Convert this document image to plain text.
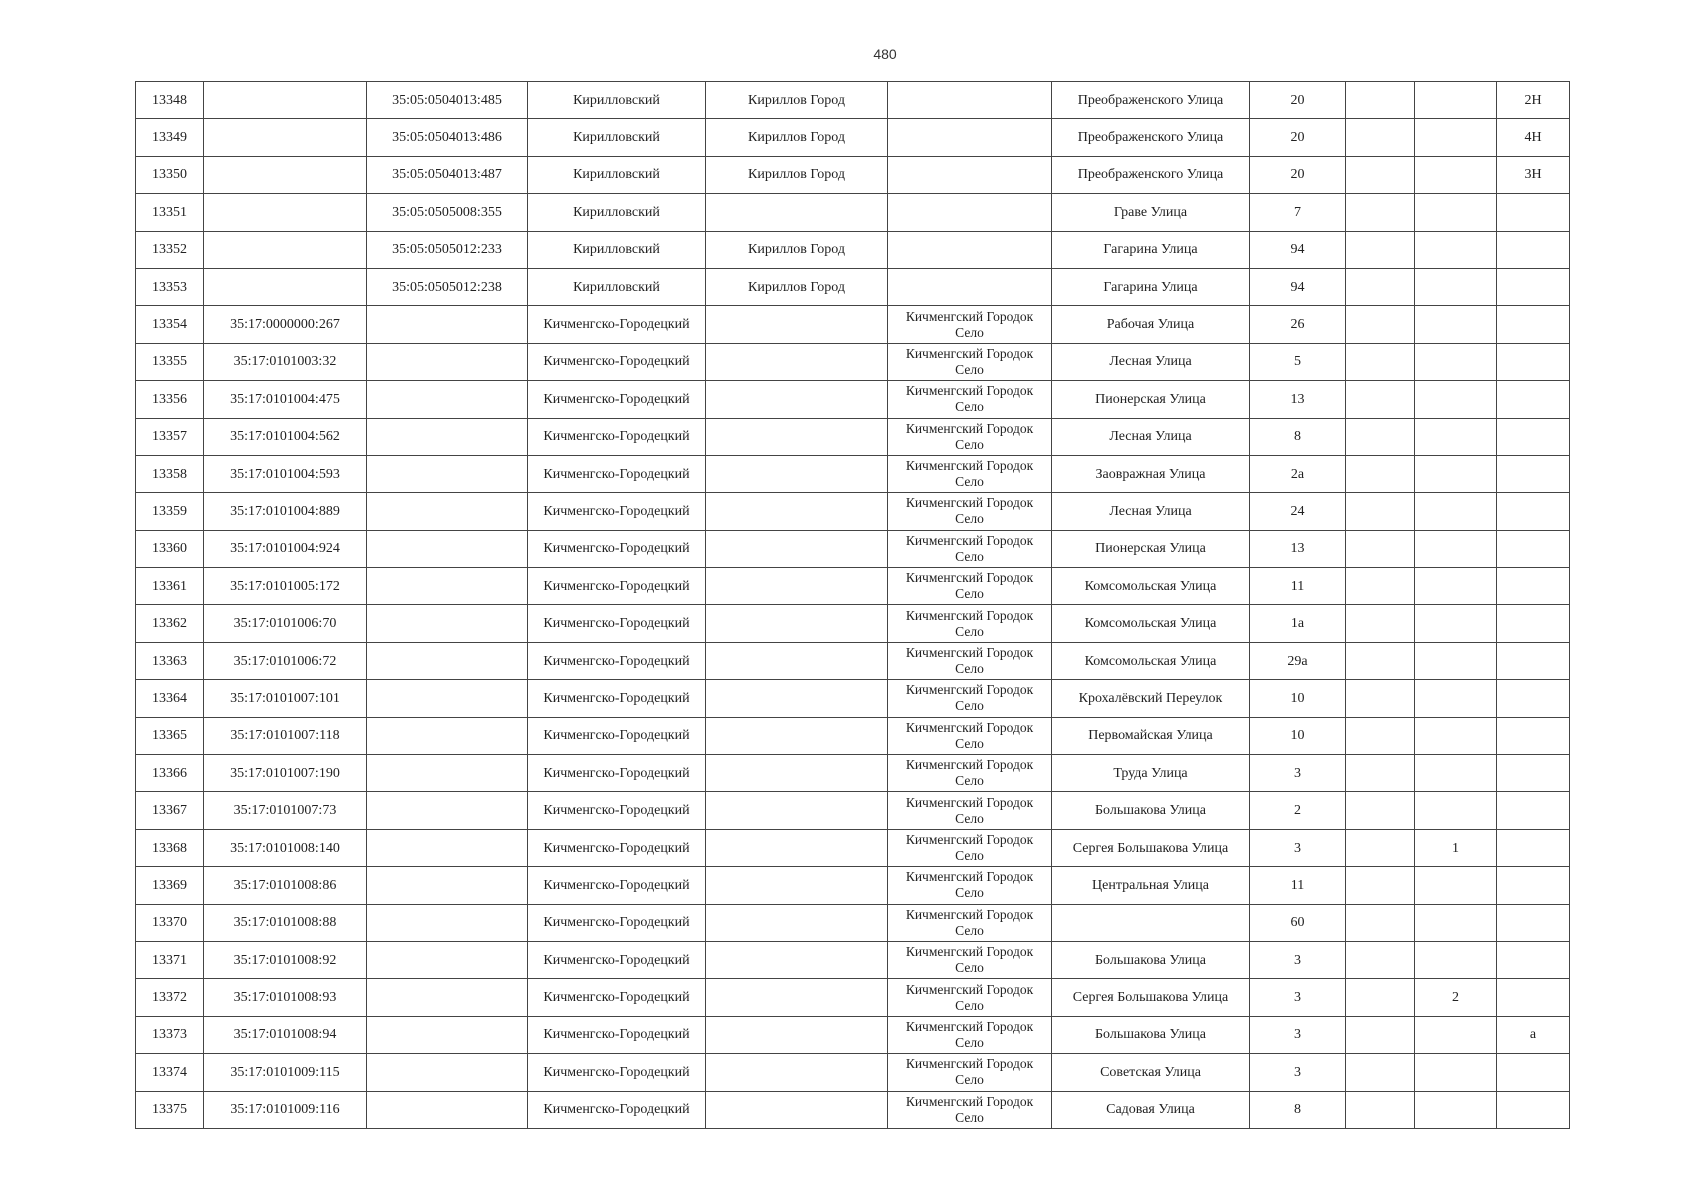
480
13348		35:05:0504013:485	Кирилловский	Кириллов Город		Преображенского Улица	20			2Н
13349		35:05:0504013:486	Кирилловский	Кириллов Город		Преображенского Улица	20			4Н
13350		35:05:0504013:487	Кирилловский	Кириллов Город		Преображенского Улица	20			3Н
13351		35:05:0505008:355	Кирилловский			Граве Улица	7			
13352		35:05:0505012:233	Кирилловский	Кириллов Город		Гагарина Улица	94			
13353		35:05:0505012:238	Кирилловский	Кириллов Город		Гагарина Улица	94			
13354	35:17:0000000:267		Кичменгско-Городецкий		Кичменгский Городок Село	Рабочая Улица	26			
13355	35:17:0101003:32		Кичменгско-Городецкий		Кичменгский Городок Село	Лесная Улица	5			
13356	35:17:0101004:475		Кичменгско-Городецкий		Кичменгский Городок Село	Пионерская Улица	13			
13357	35:17:0101004:562		Кичменгско-Городецкий		Кичменгский Городок Село	Лесная Улица	8			
13358	35:17:0101004:593		Кичменгско-Городецкий		Кичменгский Городок Село	Заовражная Улица	2а			
13359	35:17:0101004:889		Кичменгско-Городецкий		Кичменгский Городок Село	Лесная Улица	24			
13360	35:17:0101004:924		Кичменгско-Городецкий		Кичменгский Городок Село	Пионерская Улица	13			
13361	35:17:0101005:172		Кичменгско-Городецкий		Кичменгский Городок Село	Комсомольская Улица	11			
13362	35:17:0101006:70		Кичменгско-Городецкий		Кичменгский Городок Село	Комсомольская Улица	1а			
13363	35:17:0101006:72		Кичменгско-Городецкий		Кичменгский Городок Село	Комсомольская Улица	29а			
13364	35:17:0101007:101		Кичменгско-Городецкий		Кичменгский Городок Село	Крохалёвский Переулок	10			
13365	35:17:0101007:118		Кичменгско-Городецкий		Кичменгский Городок Село	Первомайская Улица	10			
13366	35:17:0101007:190		Кичменгско-Городецкий		Кичменгский Городок Село	Труда Улица	3			
13367	35:17:0101007:73		Кичменгско-Городецкий		Кичменгский Городок Село	Большакова Улица	2			
13368	35:17:0101008:140		Кичменгско-Городецкий		Кичменгский Городок Село	Сергея Большакова Улица	3		1	
13369	35:17:0101008:86		Кичменгско-Городецкий		Кичменгский Городок Село	Центральная Улица	11			
13370	35:17:0101008:88		Кичменгско-Городецкий		Кичменгский Городок Село		60			
13371	35:17:0101008:92		Кичменгско-Городецкий		Кичменгский Городок Село	Большакова Улица	3			
13372	35:17:0101008:93		Кичменгско-Городецкий		Кичменгский Городок Село	Сергея Большакова Улица	3		2	
13373	35:17:0101008:94		Кичменгско-Городецкий		Кичменгский Городок Село	Большакова Улица	3			а
13374	35:17:0101009:115		Кичменгско-Городецкий		Кичменгский Городок Село	Советская Улица	3			
13375	35:17:0101009:116		Кичменгско-Городецкий		Кичменгский Городок Село	Садовая Улица	8			
